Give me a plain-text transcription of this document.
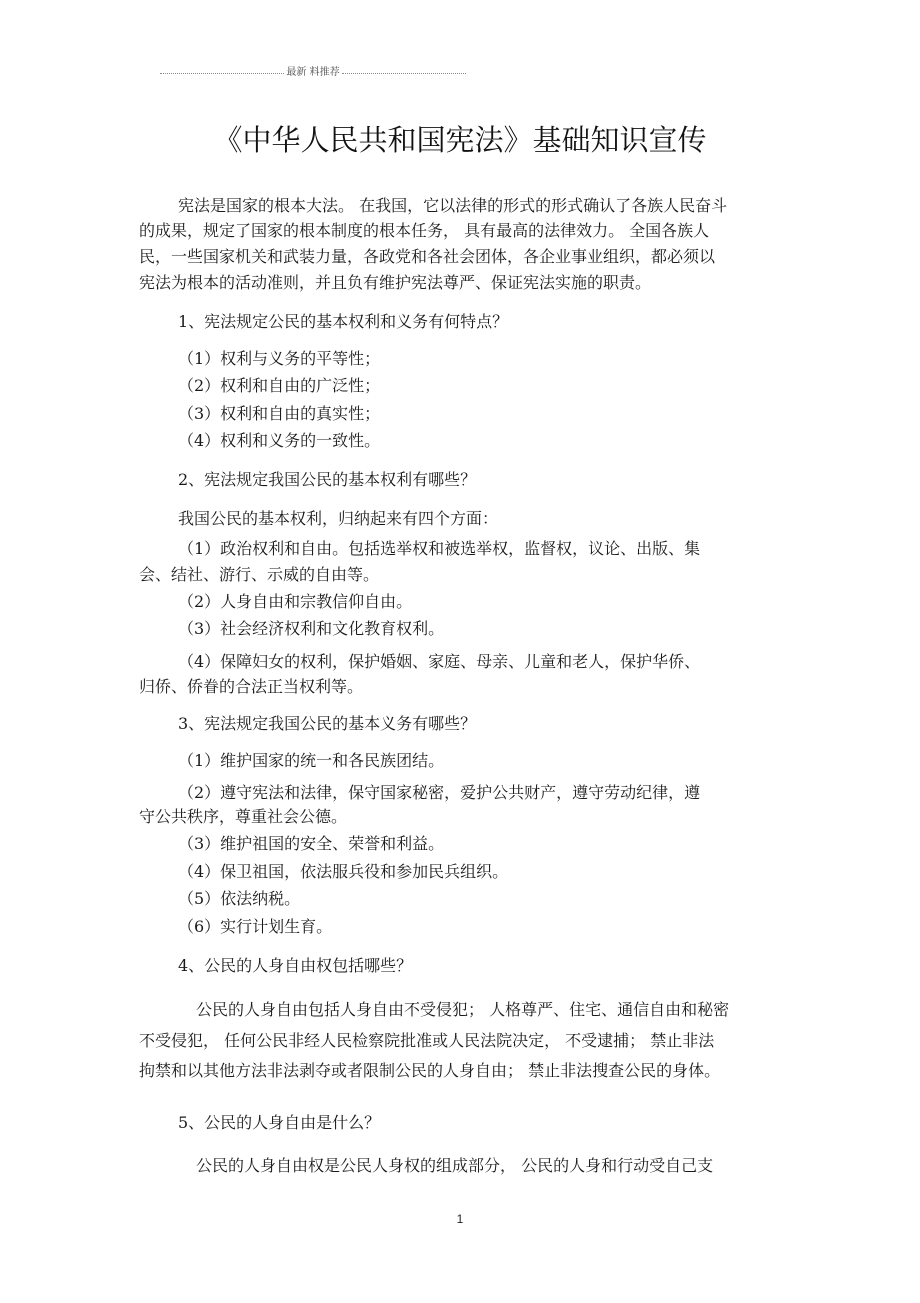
最新 料推荐
《中华人民共和国宪法》基础知识宣传
宪法是国家的根本大法。 在我国，它以法律的形式的形式确认了各族人民奋斗
的成果，规定了国家的根本制度的根本任务， 具有最高的法律效力。 全国各族人
民，一些国家机关和武装力量，各政党和各社会团体，各企业事业组织，都必须以
宪法为根本的活动准则，并且负有维护宪法尊严、保证宪法实施的职责。
1、宪法规定公民的基本权利和义务有何特点？
（1）权利与义务的平等性；
（2）权利和自由的广泛性；
（3）权利和自由的真实性；
（4）权利和义务的一致性。
2、宪法规定我国公民的基本权利有哪些？
我国公民的基本权利，归纳起来有四个方面：
（1）政治权利和自由。包括选举权和被选举权，监督权，议论、出版、集
会、结社、游行、示威的自由等。
（2）人身自由和宗教信仰自由。
（3）社会经济权利和文化教育权利。
（4）保障妇女的权利，保护婚姻、家庭、母亲、儿童和老人，保护华侨、
归侨、侨眷的合法正当权利等。
3、宪法规定我国公民的基本义务有哪些？
（1）维护国家的统一和各民族团结。
（2）遵守宪法和法律，保守国家秘密，爱护公共财产，遵守劳动纪律，遵
守公共秩序，尊重社会公德。
（3）维护祖国的安全、荣誉和利益。
（4）保卫祖国，依法服兵役和参加民兵组织。
（5）依法纳税。
（6）实行计划生育。
4、公民的人身自由权包括哪些？
公民的人身自由包括人身自由不受侵犯； 人格尊严、住宅、通信自由和秘密
不受侵犯， 任何公民非经人民检察院批准或人民法院决定， 不受逮捕； 禁止非法
拘禁和以其他方法非法剥夺或者限制公民的人身自由； 禁止非法搜查公民的身体。
5、公民的人身自由是什么？
公民的人身自由权是公民人身权的组成部分， 公民的人身和行动受自己支
1
